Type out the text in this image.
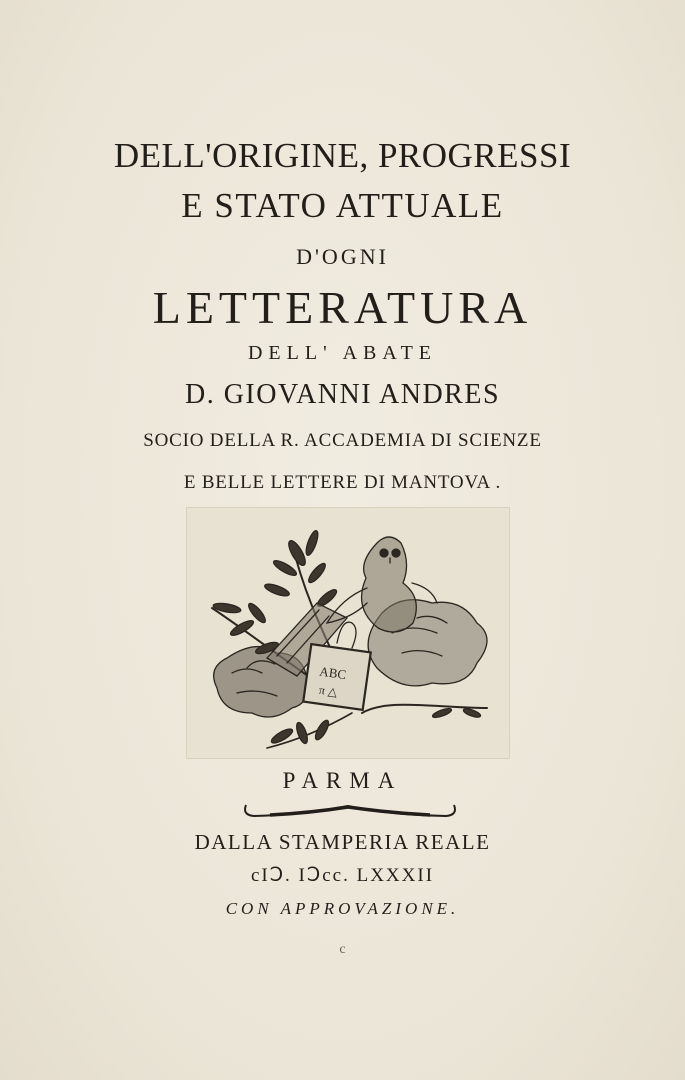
DELL'ORIGINE, PROGRESSI
E STATO ATTUALE
D'OGNI
LETTERATURA
DELL' ABATE
D. GIOVANNI ANDRES
SOCIO DELLA R. ACCADEMIA DI SCIENZE
E BELLE LETTERE DI MANTOVA .
ABC
π △
PARMA
DALLA STAMPERIA REALE
cIↃ. IↃcc. LXXXII
CON APPROVAZIONE.
c
